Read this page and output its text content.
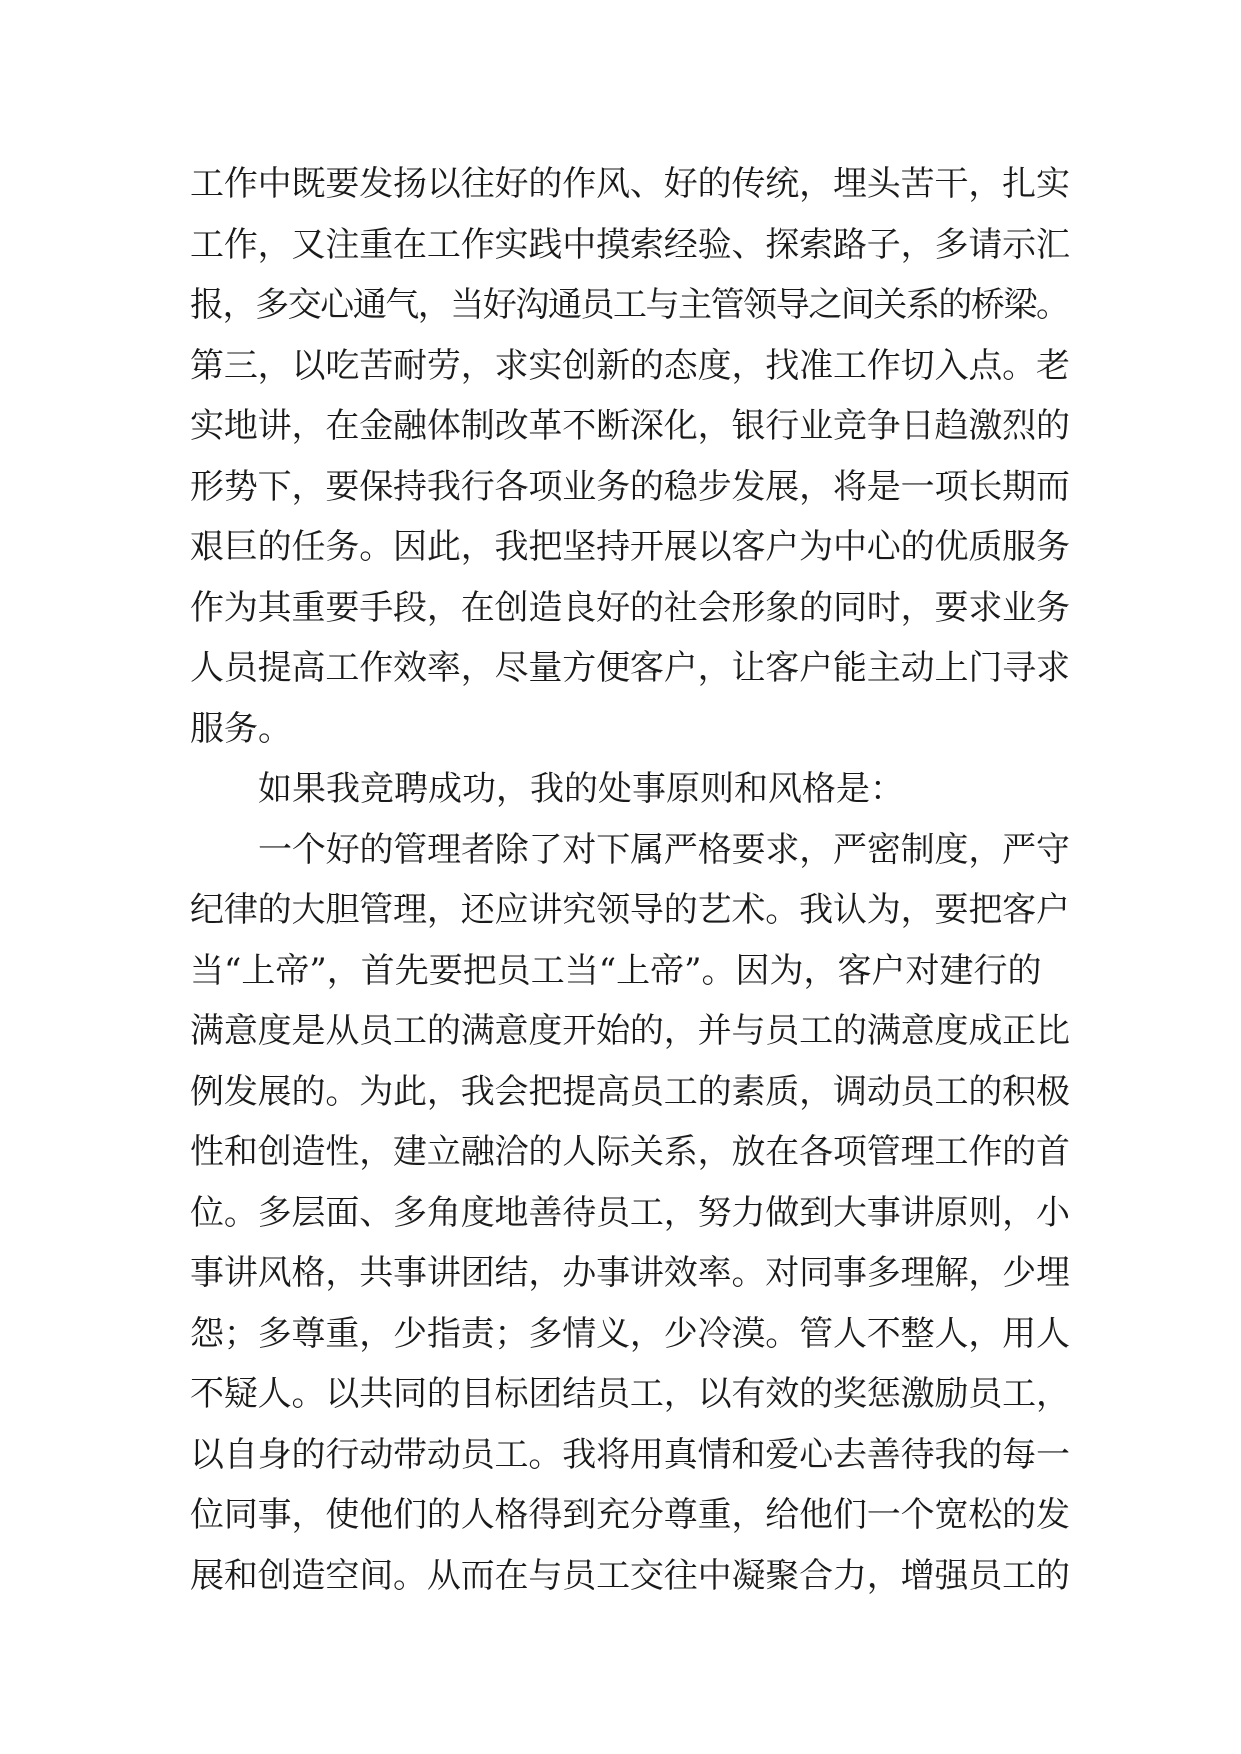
工作中既要发扬以往好的作风、好的传统，埋头苦干，扎实
工作，又注重在工作实践中摸索经验、探索路子，多请示汇
报，多交心通气，当好沟通员工与主管领导之间关系的桥梁。
第三，以吃苦耐劳，求实创新的态度，找准工作切入点。老
实地讲，在金融体制改革不断深化，银行业竞争日趋激烈的
形势下，要保持我行各项业务的稳步发展，将是一项长期而
艰巨的任务。因此，我把坚持开展以客户为中心的优质服务
作为其重要手段，在创造良好的社会形象的同时，要求业务
人员提高工作效率，尽量方便客户，让客户能主动上门寻求
服务。
如果我竞聘成功，我的处事原则和风格是：
一个好的管理者除了对下属严格要求，严密制度，严守
纪律的大胆管理，还应讲究领导的艺术。我认为，要把客户
当“上帝”，首先要把员工当“上帝”。因为，客户对建行的
满意度是从员工的满意度开始的，并与员工的满意度成正比
例发展的。为此，我会把提高员工的素质，调动员工的积极
性和创造性，建立融洽的人际关系，放在各项管理工作的首
位。多层面、多角度地善待员工，努力做到大事讲原则，小
事讲风格，共事讲团结，办事讲效率。对同事多理解，少埋
怨；多尊重，少指责；多情义，少冷漠。管人不整人，用人
不疑人。以共同的目标团结员工，以有效的奖惩激励员工，
以自身的行动带动员工。我将用真情和爱心去善待我的每一
位同事，使他们的人格得到充分尊重，给他们一个宽松的发
展和创造空间。从而在与员工交往中凝聚合力，增强员工的
